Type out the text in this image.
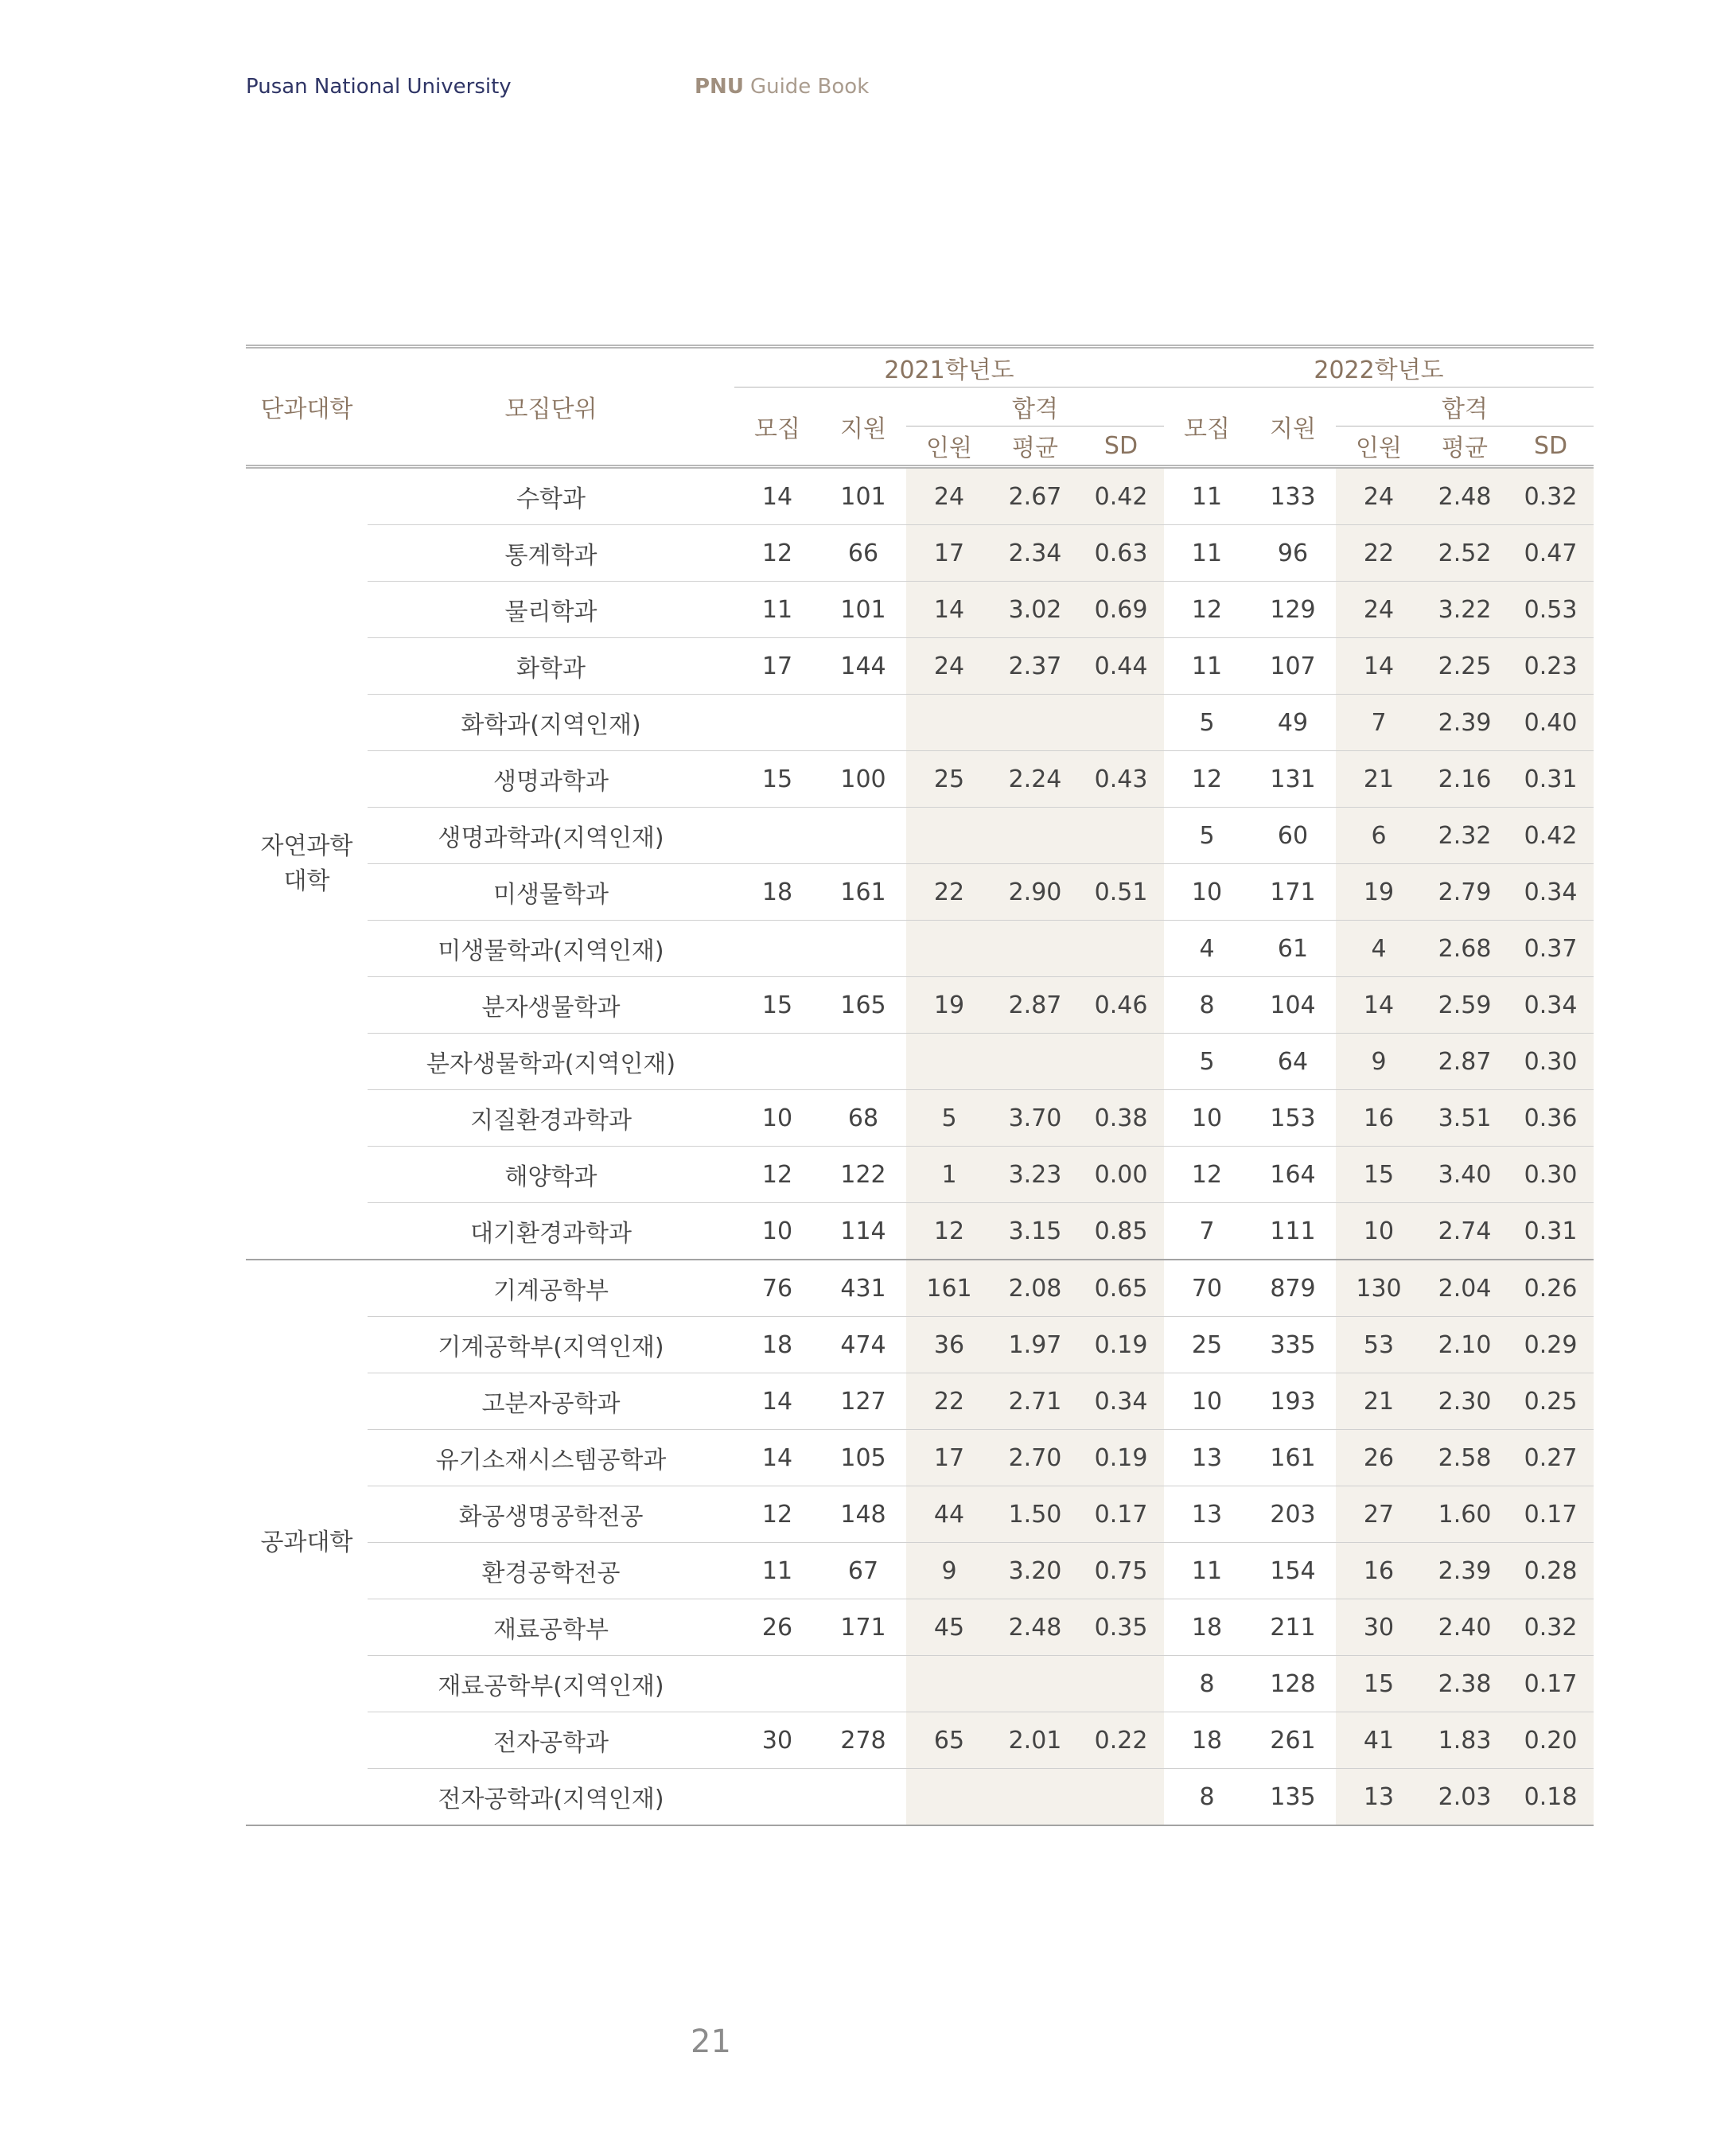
Pusan National University	PNU Guide Book
단과대학	모집단위	2021학년도					2022학년도				
		모집	지원	합격			모집	지원	합격		
				인원	평균	SD			인원	평균	SD

자연과학
대학	수학과	14	101	24	2.67	0.42	11	133	24	2.48	0.32
	통계학과	12	66	17	2.34	0.63	11	96	22	2.52	0.47
	물리학과	11	101	14	3.02	0.69	12	129	24	3.22	0.53
	화학과	17	144	24	2.37	0.44	11	107	14	2.25	0.23
	화학과(지역인재)						5	49	7	2.39	0.40
	생명과학과	15	100	25	2.24	0.43	12	131	21	2.16	0.31
	생명과학과(지역인재)						5	60	6	2.32	0.42
	미생물학과	18	161	22	2.90	0.51	10	171	19	2.79	0.34
	미생물학과(지역인재)						4	61	4	2.68	0.37
	분자생물학과	15	165	19	2.87	0.46	8	104	14	2.59	0.34
	분자생물학과(지역인재)						5	64	9	2.87	0.30
	지질환경과학과	10	68	5	3.70	0.38	10	153	16	3.51	0.36
	해양학과	12	122	1	3.23	0.00	12	164	15	3.40	0.30
	대기환경과학과	10	114	12	3.15	0.85	7	111	10	2.74	0.31

공과대학	기계공학부	76	431	161	2.08	0.65	70	879	130	2.04	0.26
	기계공학부(지역인재)	18	474	36	1.97	0.19	25	335	53	2.10	0.29
	고분자공학과	14	127	22	2.71	0.34	10	193	21	2.30	0.25
	유기소재시스템공학과	14	105	17	2.70	0.19	13	161	26	2.58	0.27
	화공생명공학전공	12	148	44	1.50	0.17	13	203	27	1.60	0.17
	환경공학전공	11	67	9	3.20	0.75	11	154	16	2.39	0.28
	재료공학부	26	171	45	2.48	0.35	18	211	30	2.40	0.32
	재료공학부(지역인재)						8	128	15	2.38	0.17
	전자공학과	30	278	65	2.01	0.22	18	261	41	1.83	0.20
	전자공학과(지역인재)						8	135	13	2.03	0.18
21
